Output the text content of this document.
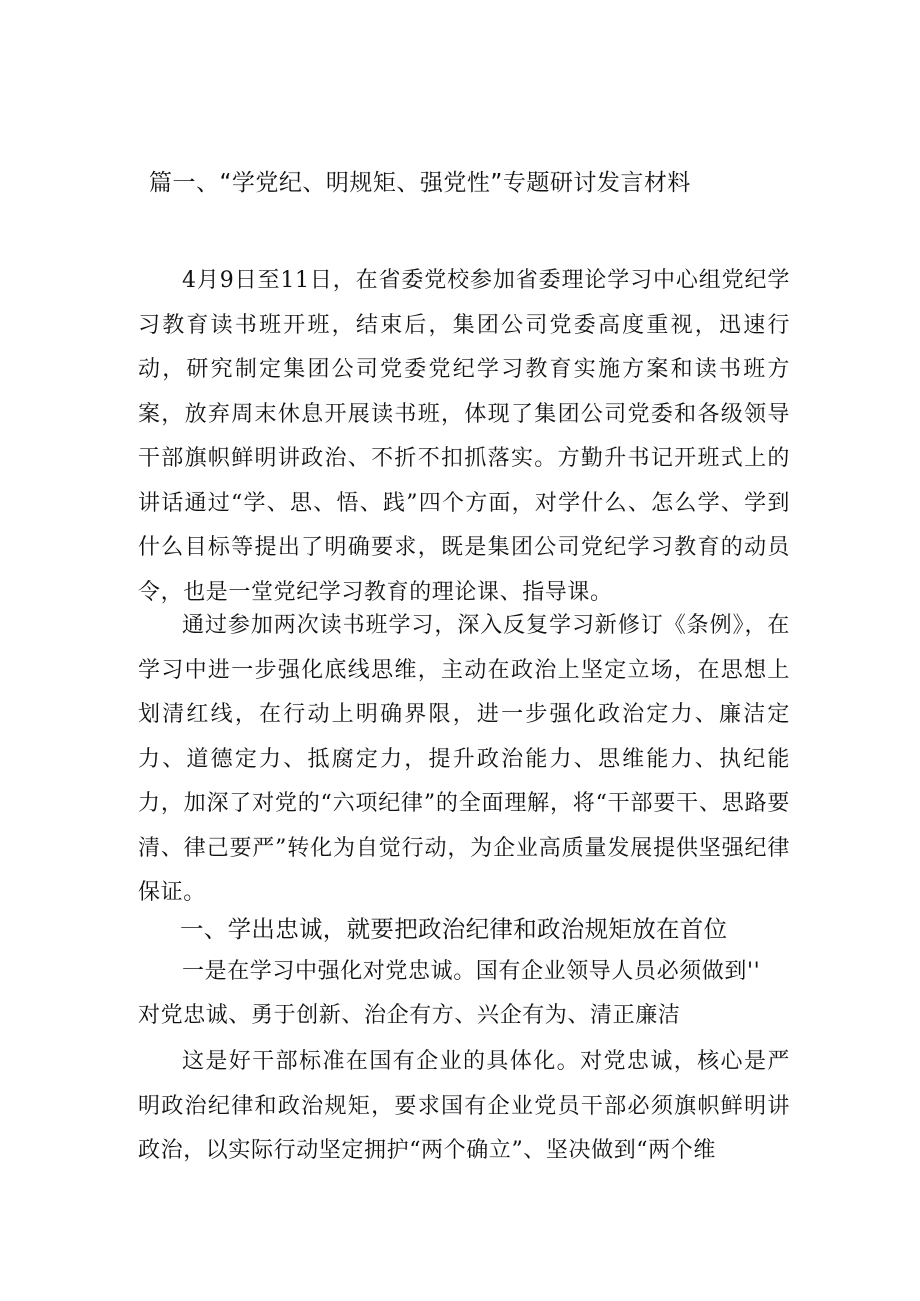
篇一、“学党纪、明规矩、强党性”专题研讨发言材料

4月9日至11日，在省委党校参加省委理论学习中心组党纪学习教育读书班开班，结束后，集团公司党委高度重视，迅速行动，研究制定集团公司党委党纪学习教育实施方案和读书班方案，放弃周末休息开展读书班，体现了集团公司党委和各级领导干部旗帜鲜明讲政治、不折不扣抓落实。方勤升书记开班式上的讲话通过“学、思、悟、践”四个方面，对学什么、怎么学、学到什么目标等提出了明确要求，既是集团公司党纪学习教育的动员令，也是一堂党纪学习教育的理论课、指导课。

通过参加两次读书班学习，深入反复学习新修订《条例》，在学习中进一步强化底线思维，主动在政治上坚定立场，在思想上划清红线，在行动上明确界限，进一步强化政治定力、廉洁定力、道德定力、抵腐定力，提升政治能力、思维能力、执纪能力，加深了对党的“六项纪律”的全面理解，将“干部要干、思路要清、律己要严”转化为自觉行动，为企业高质量发展提供坚强纪律保证。

一、学出忠诚，就要把政治纪律和政治规矩放在首位
一是在学习中强化对党忠诚。国有企业领导人员必须做到''
对党忠诚、勇于创新、治企有方、兴企有为、清正廉洁

这是好干部标准在国有企业的具体化。对党忠诚，核心是严明政治纪律和政治规矩，要求国有企业党员干部必须旗帜鲜明讲政治，以实际行动坚定拥护“两个确立”、坚决做到“两个维
